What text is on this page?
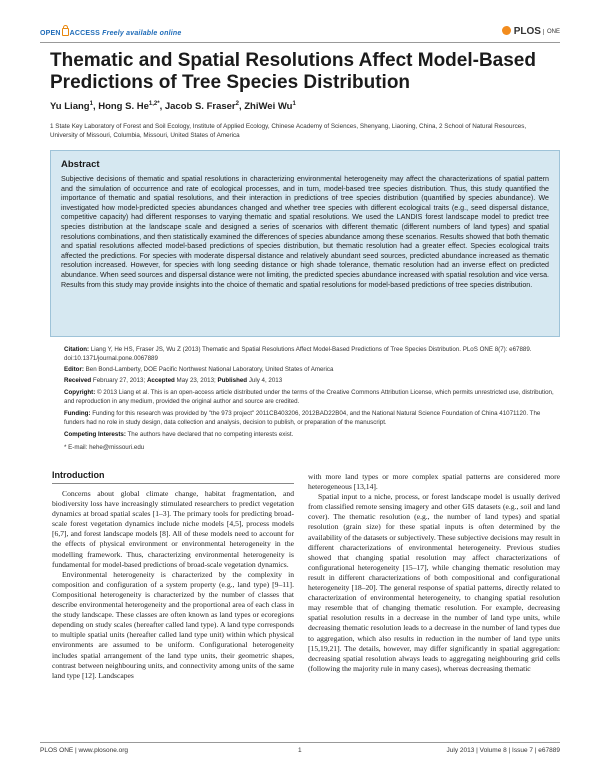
OPEN ACCESS Freely available online	PLOS ONE
Thematic and Spatial Resolutions Affect Model-Based Predictions of Tree Species Distribution
Yu Liang$^1$, Hong S. $He^{1,2*}$, Jacob S. Fraser$^2$, ZhiWei Wu$^1$
1 State Key Laboratory of Forest and Soil Ecology, Institute of Applied Ecology, Chinese Academy of Sciences, Shenyang, Liaoning, China, 2 School of Natural Resources, University of Missouri, Columbia, Missouri, United States of America
Abstract
Subjective decisions of thematic and spatial resolutions in characterizing environmental heterogeneity may affect the characterizations of spatial pattern and the simulation of occurrence and rate of ecological processes, and in turn, model-based tree species distribution. Thus, this study quantified the importance of thematic and spatial resolutions, and their interaction in predictions of tree species distribution (quantified by species abundance). We investigated how model-predicted species abundances changed and whether tree species with different ecological traits (e.g., seed dispersal distance, competitive capacity) had different responses to varying thematic and spatial resolutions. We used the LANDIS forest landscape model to predict tree species distribution at the landscape scale and designed a series of scenarios with different thematic (different numbers of land types) and spatial resolutions combinations, and then statistically examined the differences of species abundance among these scenarios. Results showed that both thematic and spatial resolutions affected model-based predictions of species distribution, but thematic resolution had a greater effect. Species ecological traits affected the predictions. For species with moderate dispersal distance and relatively abundant seed sources, predicted abundance increased as thematic resolution increased. However, for species with long seeding distance or high shade tolerance, thematic resolution had an inverse effect on predicted abundance. When seed sources and dispersal distance were not limiting, the predicted species abundance increased with spatial resolution and vice versa. Results from this study may provide insights into the choice of thematic and spatial resolutions for model-based predictions of tree species distribution.
Citation: Liang Y, He HS, Fraser JS, Wu Z (2013) Thematic and Spatial Resolutions Affect Model-Based Predictions of Tree Species Distribution. PLoS ONE 8(7): e67889. doi:10.1371/journal.pone.0067889
Editor: Ben Bond-Lamberty, DOE Pacific Northwest National Laboratory, United States of America
Received February 27, 2013; Accepted May 23, 2013; Published July 4, 2013
Copyright: © 2013 Liang et al. This is an open-access article distributed under the terms of the Creative Commons Attribution License, which permits unrestricted use, distribution, and reproduction in any medium, provided the original author and source are credited.
Funding: Funding for this research was provided by "the 973 project" 2011CB403206, 2012BAD22B04, and the National Natural Science Foundation of China 41071120. The funders had no role in study design, data collection and analysis, decision to publish, or preparation of the manuscript.
Competing Interests: The authors have declared that no competing interests exist.
* E-mail: hehe@missouri.edu
Introduction

Concerns about global climate change, habitat fragmentation, and biodiversity loss have increasingly stimulated researchers to predict vegetation dynamics at broad spatial scales [1–3]. The primary tools for predicting broad-scale forest vegetation dynamics include niche models [4,5], process models [6,7], and forest landscape models [8]. All of these models need to account for the effects of physical environment or environmental heterogeneity in the modelling framework. Thus, characterizing environmental heterogeneity is fundamental for model-based predictions of broad-scale vegetation dynamics.

Environmental heterogeneity is characterized by the complexity in composition and configuration of a system property (e.g., land type) [9–11]. Compositional heterogeneity is characterized by the number of classes that describe environmental heterogeneity and the proportional area of each class in the study landscape. These classes are often known as land types or ecoregions depending on study scales (hereafter called land type). A land type corresponds to multiple spatial units (hereafter called land type unit) within which physical environments are assumed to be uniform. Configurational heterogeneity includes spatial arrangement of the land type units, their geometric shapes, contrast between neighbouring units, and connectivity among units of the same land type [12]. Landscapes

with more land types or more complex spatial patterns are considered more heterogeneous [13,14].

Spatial input to a niche, process, or forest landscape model is usually derived from classified remote sensing imagery and other GIS datasets (e.g., soil and land cover). The thematic resolution (e.g., the number of land types) and spatial resolution (grain size) for these spatial inputs is often determined by the availability of the datasets or subjectively. These subjective decisions may result in different characterizations of environmental heterogeneity. Previous studies showed that changing spatial resolution may affect characterizations of configurational heterogeneity [15–17], while changing thematic resolution may result in different characterizations of both compositional and configurational heterogeneity [18–20]. The general response of spatial patterns, directly related to characterization of environmental heterogeneity, to changing spatial resolution may resemble that of changing thematic resolution. For example, decreasing spatial resolution results in a decrease in the number of land type units, while decreasing thematic resolution leads to a decrease in the number of land types due to aggregation, which also results in reduction in the number of land type units [15,19,21]. The details, however, may differ significantly in spatial aggregation: decreasing spatial resolution always leads to aggregating neighbouring grid cells (following the majority rule in many cases), whereas decreasing thematic

PLOS ONE | www.plosone.org	1	July 2013 | Volume 8 | Issue 7 | e67889
